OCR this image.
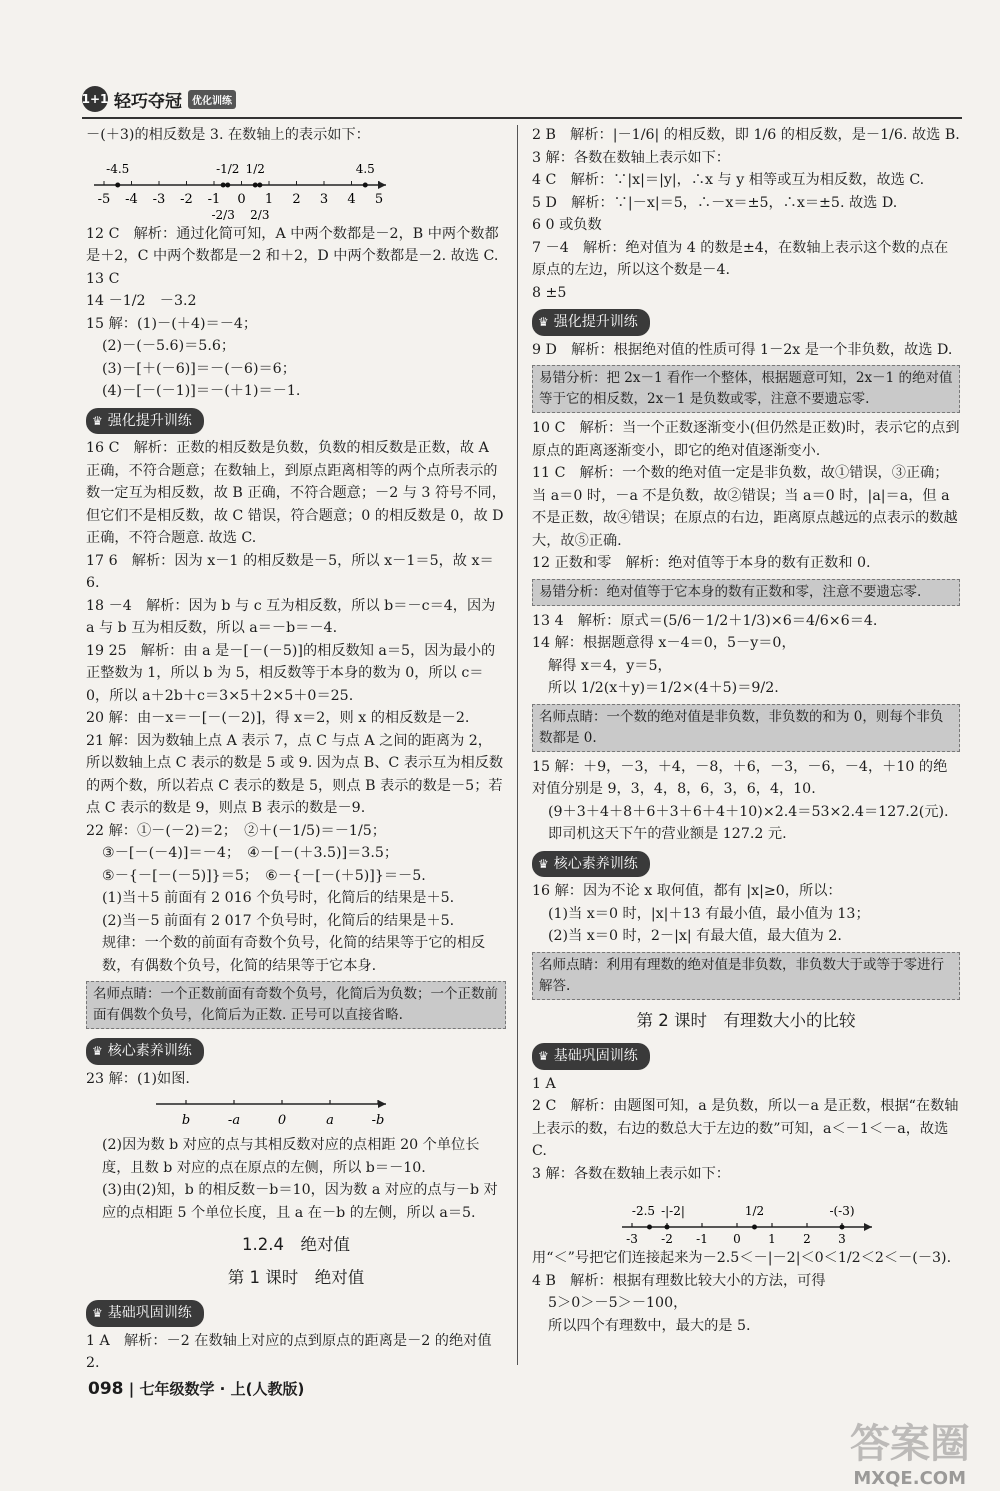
1+1 轻巧夺冠	优化训练

－(＋3)的相反数是 3. 在数轴上的表示如下：

-5 -4 -3 -2 -1 0 1 2 3 4 5
-4.5	-1/2 1/2	4.5
-2/3 2/3

12 C　解析：通过化简可知，A 中两个数都是－2，B 中两个数都是＋2，C 中两个数都是－2 和＋2，D 中两个数都是－2. 故选 C.

13 C

14 －1/2　－3.2

15 解：(1)－(＋4)＝－4；

(2)－(－5.6)＝5.6；

(3)－[＋(－6)]＝－(－6)＝6；

(4)－[－(－1)]＝－(＋1)＝－1.

♛ 强化提升训练

16 C　解析：正数的相反数是负数，负数的相反数是正数，故 A 正确，不符合题意；在数轴上，到原点距离相等的两个点所表示的数一定互为相反数，故 B 正确，不符合题意；－2 与 3 符号不同，但它们不是相反数，故 C 错误，符合题意；0 的相反数是 0，故 D 正确，不符合题意. 故选 C.

17 6　解析：因为 x－1 的相反数是－5，所以 x－1＝5，故 x＝6.

18 －4　解析：因为 b 与 c 互为相反数，所以 b＝－c＝4，因为 a 与 b 互为相反数，所以 a＝－b＝－4.

19 25　解析：由 a 是－[－(－5)]的相反数知 a＝5，因为最小的正整数为 1，所以 b 为 5，相反数等于本身的数为 0，所以 c＝0，所以 a＋2b＋c＝3×5＋2×5＋0＝25.

20 解：由－x＝－[－(－2)]，得 x＝2，则 x 的相反数是－2.

21 解：因为数轴上点 A 表示 7，点 C 与点 A 之间的距离为 2，所以数轴上点 C 表示的数是 5 或 9. 因为点 B、C 表示互为相反数的两个数，所以若点 C 表示的数是 5，则点 B 表示的数是－5；若点 C 表示的数是 9，则点 B 表示的数是－9.

22 解：①－(－2)＝2；　②＋(－1/5)＝－1/5；

③－[－(－4)]＝－4；　④－[－(＋3.5)]＝3.5；

⑤－{－[－(－5)]}＝5；　⑥－{－[－(＋5)]}＝－5.

(1)当＋5 前面有 2 016 个负号时，化简后的结果是＋5.

(2)当－5 前面有 2 017 个负号时，化简后的结果是＋5.

规律：一个数的前面有奇数个负号，化简的结果等于它的相反数，有偶数个负号，化简的结果等于它本身.

名师点睛：一个正数前面有奇数个负号，化简后为负数；一个正数前面有偶数个负号，化简后为正数. 正号可以直接省略.
♛ 核心素养训练

23 解：(1)如图.

b	-a	0	a	-b

(2)因为数 b 对应的点与其相反数对应的点相距 20 个单位长度，且数 b 对应的点在原点的左侧，所以 b＝－10.

(3)由(2)知，b 的相反数－b＝10，因为数 a 对应的点与－b 对应的点相距 5 个单位长度，且 a 在－b 的左侧，所以 a＝5.

1.2.4　绝对值
第 1 课时　绝对值
♛ 基础巩固训练

1 A　解析：－2 在数轴上对应的点到原点的距离是－2 的绝对值 2.

2 B　解析：|－1/6| 的相反数，即 1/6 的相反数，是－1/6. 故选 B.

3 解：各数在数轴上表示如下：

4 C　解析：∵|x|＝|y|，∴x 与 y 相等或互为相反数，故选 C.

5 D　解析：∵|－x|＝5，∴－x＝±5，∴x＝±5. 故选 D.

6 0 或负数

7 －4　解析：绝对值为 4 的数是±4，在数轴上表示这个数的点在原点的左边，所以这个数是－4.

8 ±5

♛ 强化提升训练

9 D　解析：根据绝对值的性质可得 1－2x 是一个非负数，故选 D.

易错分析：把 2x－1 看作一个整体，根据题意可知，2x－1 的绝对值等于它的相反数，2x－1 是负数或零，注意不要遗忘零.

10 C　解析：当一个正数逐渐变小(但仍然是正数)时，表示它的点到原点的距离逐渐变小，即它的绝对值逐渐变小.

11 C　解析：一个数的绝对值一定是非负数，故①错误，③正确；当 a＝0 时，－a 不是负数，故②错误；当 a＝0 时，|a|＝a，但 a 不是正数，故④错误；在原点的右边，距离原点越远的点表示的数越大，故⑤正确.

12 正数和零　解析：绝对值等于本身的数有正数和 0.

易错分析：绝对值等于它本身的数有正数和零，注意不要遗忘零.

13 4　解析：原式＝(5/6－1/2＋1/3)×6＝4/6×6＝4.

14 解：根据题意得 x－4＝0，5－y＝0，

解得 x＝4，y＝5，

所以 1/2(x＋y)＝1/2×(4＋5)＝9/2.

名师点睛：一个数的绝对值是非负数，非负数的和为 0，则每个非负数都是 0.

15 解：＋9，－3，＋4，－8，＋6，－3，－6，－4，＋10 的绝对值分别是 9，3，4，8，6，3，6，4，10.

(9＋3＋4＋8＋6＋3＋6＋4＋10)×2.4＝53×2.4＝127.2(元).

即司机这天下午的营业额是 127.2 元.

♛ 核心素养训练

16 解：因为不论 x 取何值，都有 |x|≥0，所以：

(1)当 x＝0 时，|x|＋13 有最小值，最小值为 13；

(2)当 x＝0 时，2－|x| 有最大值，最大值为 2.

名师点睛：利用有理数的绝对值是非负数，非负数大于或等于零进行解答.
第 2 课时　有理数大小的比较
♛ 基础巩固训练

1 A

2 C　解析：由题图可知，a 是负数，所以－a 是正数，根据“在数轴上表示的数，右边的数总大于左边的数”可知，a＜－1＜－a，故选 C.

3 解：各数在数轴上表示如下：

-3 -2 -1 0 1 2 3
-2.5 -|-2|	1/2	-(-3)

用“＜”号把它们连接起来为－2.5＜－|－2|＜0＜1/2＜2＜－(－3).

4 B　解析：根据有理数比较大小的方法，可得

5＞0＞－5＞－100，

所以四个有理数中，最大的是 5.

098 | 七年级数学 · 上(人教版)
答案圈
MXQE.COM
